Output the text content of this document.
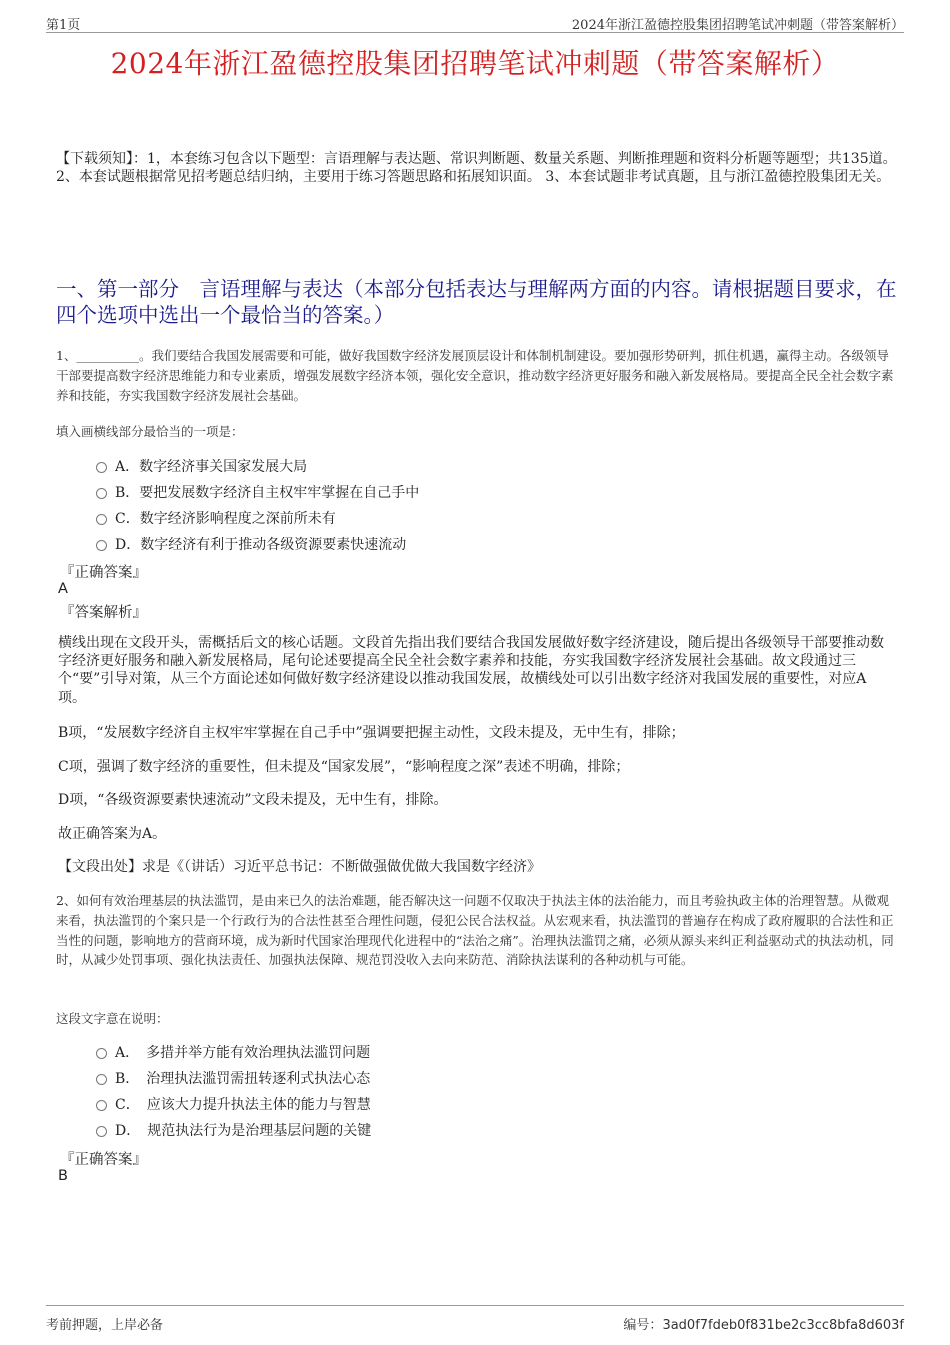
第1页	2024年浙江盈德控股集团招聘笔试冲刺题（带答案解析）
2024年浙江盈德控股集团招聘笔试冲刺题（带答案解析）
【下载须知】：1，本套练习包含以下题型：言语理解与表达题、常识判断题、数量关系题、判断推理题和资料分析题等题型；共135道。 2、本套试题根据常见招考题总结归纳，主要用于练习答题思路和拓展知识面。 3、本套试题非考试真题，且与浙江盈德控股集团无关。
一、第一部分　言语理解与表达（本部分包括表达与理解两方面的内容。请根据题目要求，在四个选项中选出一个最恰当的答案。）
1、__________。我们要结合我国发展需要和可能，做好我国数字经济发展顶层设计和体制机制建设。要加强形势研判，抓住机遇，赢得主动。各级领导干部要提高数字经济思维能力和专业素质，增强发展数字经济本领，强化安全意识，推动数字经济更好服务和融入新发展格局。要提高全民全社会数字素养和技能，夯实我国数字经济发展社会基础。
填入画横线部分最恰当的一项是：
A．数字经济事关国家发展大局
B．要把发展数字经济自主权牢牢掌握在自己手中
C．数字经济影响程度之深前所未有
D．数字经济有利于推动各级资源要素快速流动
『正确答案』
A
『答案解析』
横线出现在文段开头，需概括后文的核心话题。文段首先指出我们要结合我国发展做好数字经济建设，随后提出各级领导干部要推动数字经济更好服务和融入新发展格局，尾句论述要提高全民全社会数字素养和技能，夯实我国数字经济发展社会基础。故文段通过三个“要”引导对策，从三个方面论述如何做好数字经济建设以推动我国发展，故横线处可以引出数字经济对我国发展的重要性，对应A项。
B项，“发展数字经济自主权牢牢掌握在自己手中”强调要把握主动性，文段未提及，无中生有，排除；
C项，强调了数字经济的重要性，但未提及“国家发展”，“影响程度之深”表述不明确，排除；
D项，“各级资源要素快速流动”文段未提及，无中生有，排除。
故正确答案为A。
【文段出处】求是《（讲话）习近平总书记：不断做强做优做大我国数字经济》
2、如何有效治理基层的执法滥罚，是由来已久的法治难题，能否解决这一问题不仅取决于执法主体的法治能力，而且考验执政主体的治理智慧。从微观来看，执法滥罚的个案只是一个行政行为的合法性甚至合理性问题，侵犯公民合法权益。从宏观来看，执法滥罚的普遍存在构成了政府履职的合法性和正当性的问题，影响地方的营商环境，成为新时代国家治理现代化进程中的“法治之痛”。治理执法滥罚之痛，必须从源头来纠正利益驱动式的执法动机，同时，从减少处罚事项、强化执法责任、加强执法保障、规范罚没收入去向来防范、消除执法谋利的各种动机与可能。
这段文字意在说明：
A．　多措并举方能有效治理执法滥罚问题
B．　治理执法滥罚需扭转逐利式执法心态
C．　应该大力提升执法主体的能力与智慧
D．　规范执法行为是治理基层问题的关键
『正确答案』
B
考前押题，上岸必备	编号：3ad0f7fdeb0f831be2c3cc8bfa8d603f
